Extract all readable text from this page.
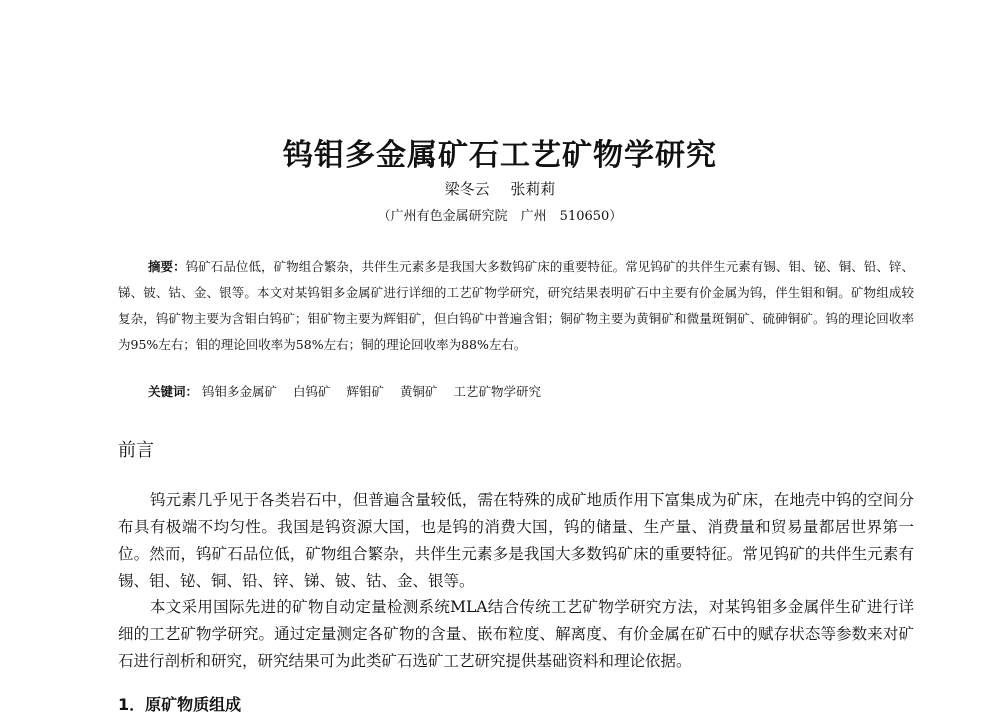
钨钼多金属矿石工艺矿物学研究
梁冬云 张莉莉
（广州有色金属研究院　广州　510650）

摘要：钨矿石品位低，矿物组合繁杂，共伴生元素多是我国大多数钨矿床的重要特征。常见钨矿的共伴生元素有锡、钼、铋、铜、铅、锌、锑、铍、钴、金、银等。本文对某钨钼多金属矿进行详细的工艺矿物学研究，研究结果表明矿石中主要有价金属为钨，伴生钼和铜。矿物组成较复杂，钨矿物主要为含钼白钨矿；钼矿物主要为辉钼矿，但白钨矿中普遍含钼；铜矿物主要为黄铜矿和微量斑铜矿、硫砷铜矿。钨的理论回收率为95%左右；钼的理论回收率为58%左右；铜的理论回收率为88%左右。

关键词： 钨钼多金属矿 白钨矿 辉钼矿 黄铜矿 工艺矿物学研究
前言

钨元素几乎见于各类岩石中，但普遍含量较低，需在特殊的成矿地质作用下富集成为矿床，在地壳中钨的空间分布具有极端不均匀性。我国是钨资源大国，也是钨的消费大国，钨的储量、生产量、消费量和贸易量都居世界第一位。然而，钨矿石品位低，矿物组合繁杂，共伴生元素多是我国大多数钨矿床的重要特征。常见钨矿的共伴生元素有锡、钼、铋、铜、铅、锌、锑、铍、钴、金、银等。

本文采用国际先进的矿物自动定量检测系统MLA结合传统工艺矿物学研究方法，对某钨钼多金属伴生矿进行详细的工艺矿物学研究。通过定量测定各矿物的含量、嵌布粒度、解离度、有价金属在矿石中的赋存状态等参数来对矿石进行剖析和研究，研究结果可为此类矿石选矿工艺研究提供基础资料和理论依据。

1．原矿物质组成
